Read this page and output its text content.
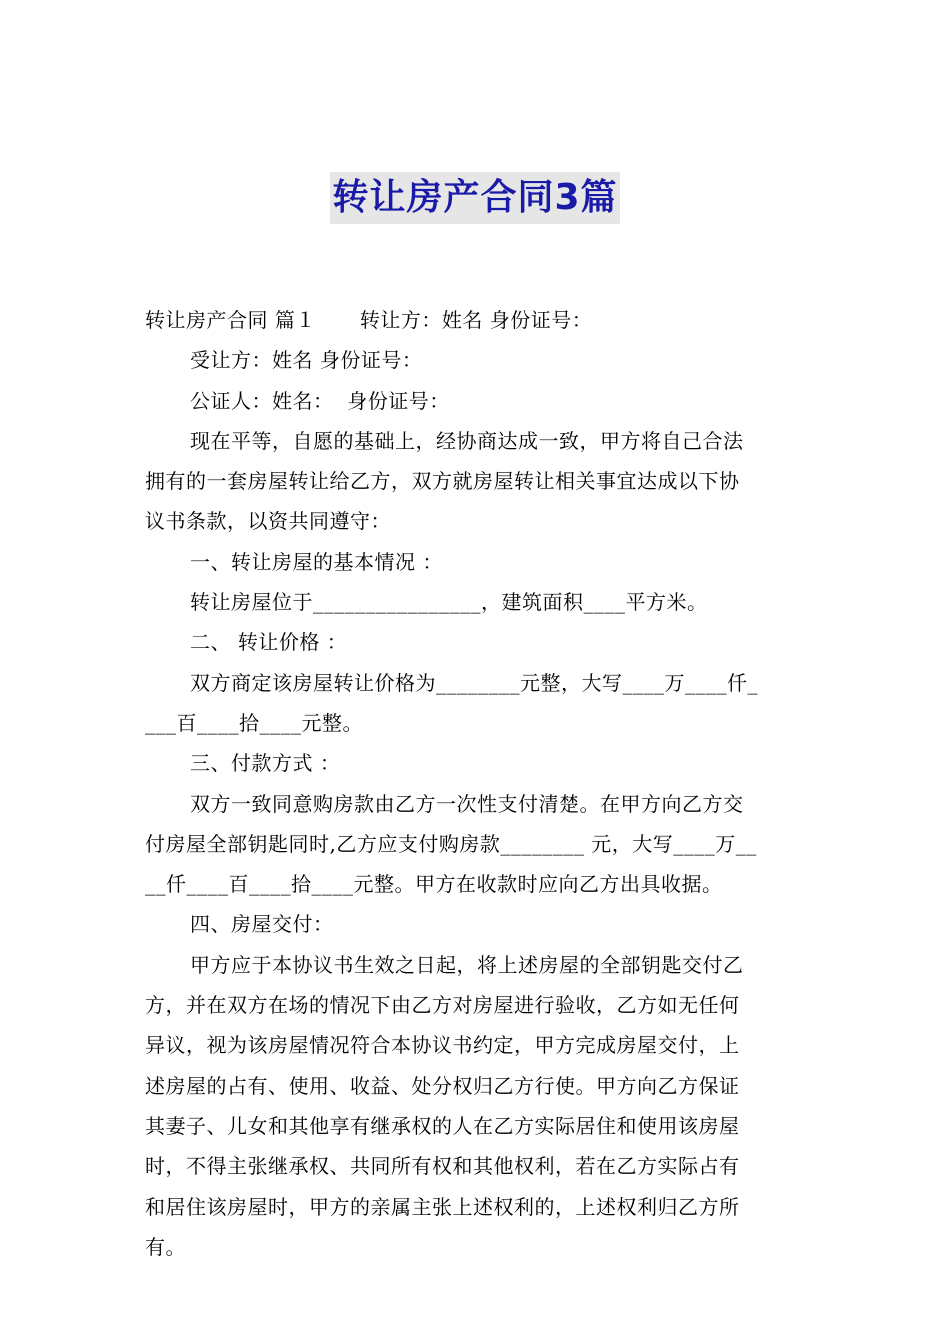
转让房产合同3篇
转让房产合同 篇１ 转让方：姓名 身份证号：
受让方：姓名 身份证号：
公证人：姓名：  身份证号：
现在平等，自愿的基础上，经协商达成一致，甲方将自己合法
拥有的一套房屋转让给乙方，双方就房屋转让相关事宜达成以下协
议书条款，以资共同遵守：
一、转让房屋的基本情况 ：
转让房屋位于________________，建筑面积____平方米。
二、 转让价格 ：
双方商定该房屋转让价格为________元整，大写____万____仟_
___百____拾____元整。
三、付款方式 ：
双方一致同意购房款由乙方一次性支付清楚。在甲方向乙方交
付房屋全部钥匙同时,乙方应支付购房款________ 元，大写____万__
__仟____百____拾____元整。甲方在收款时应向乙方出具收据。
四、房屋交付：
甲方应于本协议书生效之日起，将上述房屋的全部钥匙交付乙
方，并在双方在场的情况下由乙方对房屋进行验收，乙方如无任何
异议，视为该房屋情况符合本协议书约定，甲方完成房屋交付，上
述房屋的占有、使用、收益、处分权归乙方行使。甲方向乙方保证
其妻子、儿女和其他享有继承权的人在乙方实际居住和使用该房屋
时，不得主张继承权、共同所有权和其他权利，若在乙方实际占有
和居住该房屋时，甲方的亲属主张上述权利的，上述权利归乙方所
有。
